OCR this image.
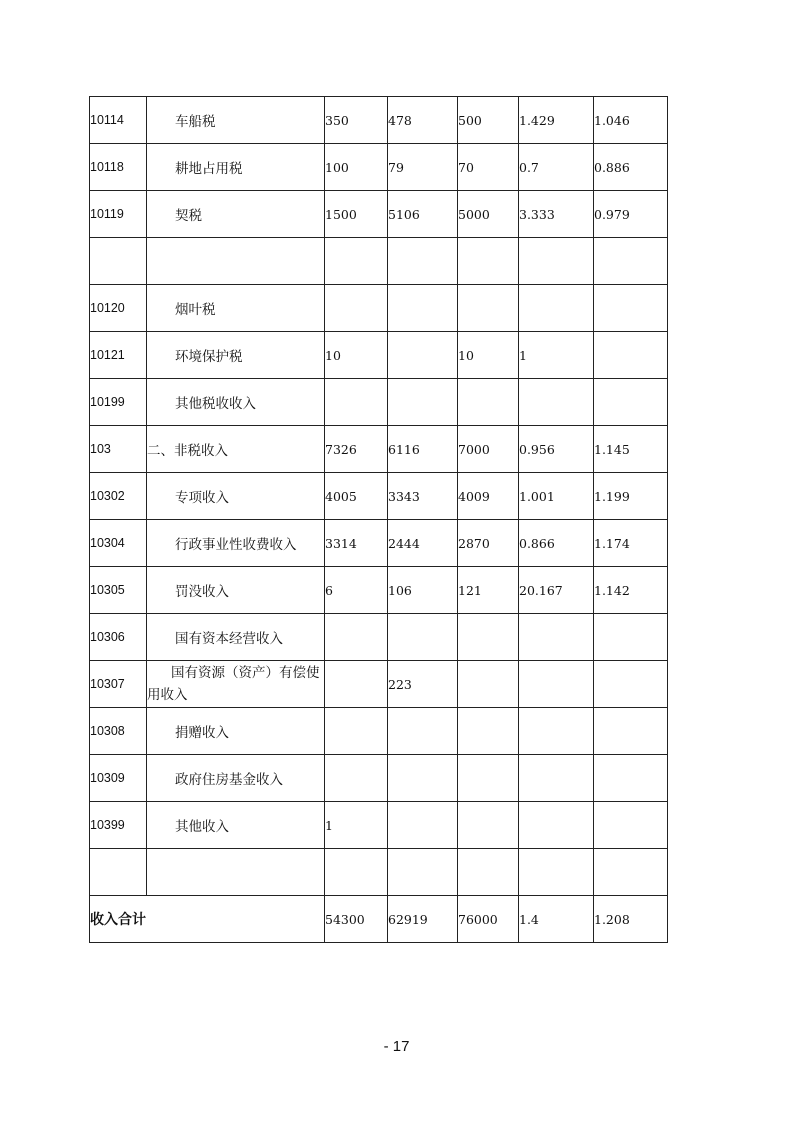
10114	车船税	350	478	500	1.429	1.046
10118	耕地占用税	100	79	70	0.7	0.886
10119	契税	1500	5106	5000	3.333	0.979

10120	烟叶税					
10121	环境保护税	10		10	1	
10199	其他税收收入					
103	二、非税收入	7326	6116	7000	0.956	1.145
10302	专项收入	4005	3343	4009	1.001	1.199
10304	行政事业性收费收入	3314	2444	2870	0.866	1.174
10305	罚没收入	6	106	121	20.167	1.142
10306	国有资本经营收入					
10307	国有资源（资产）有偿使用收入		223			
10308	捐赠收入					
10309	政府住房基金收入					
10399	其他收入	1				

收入合计		54300	62919	76000	1.4	1.208
- 17
